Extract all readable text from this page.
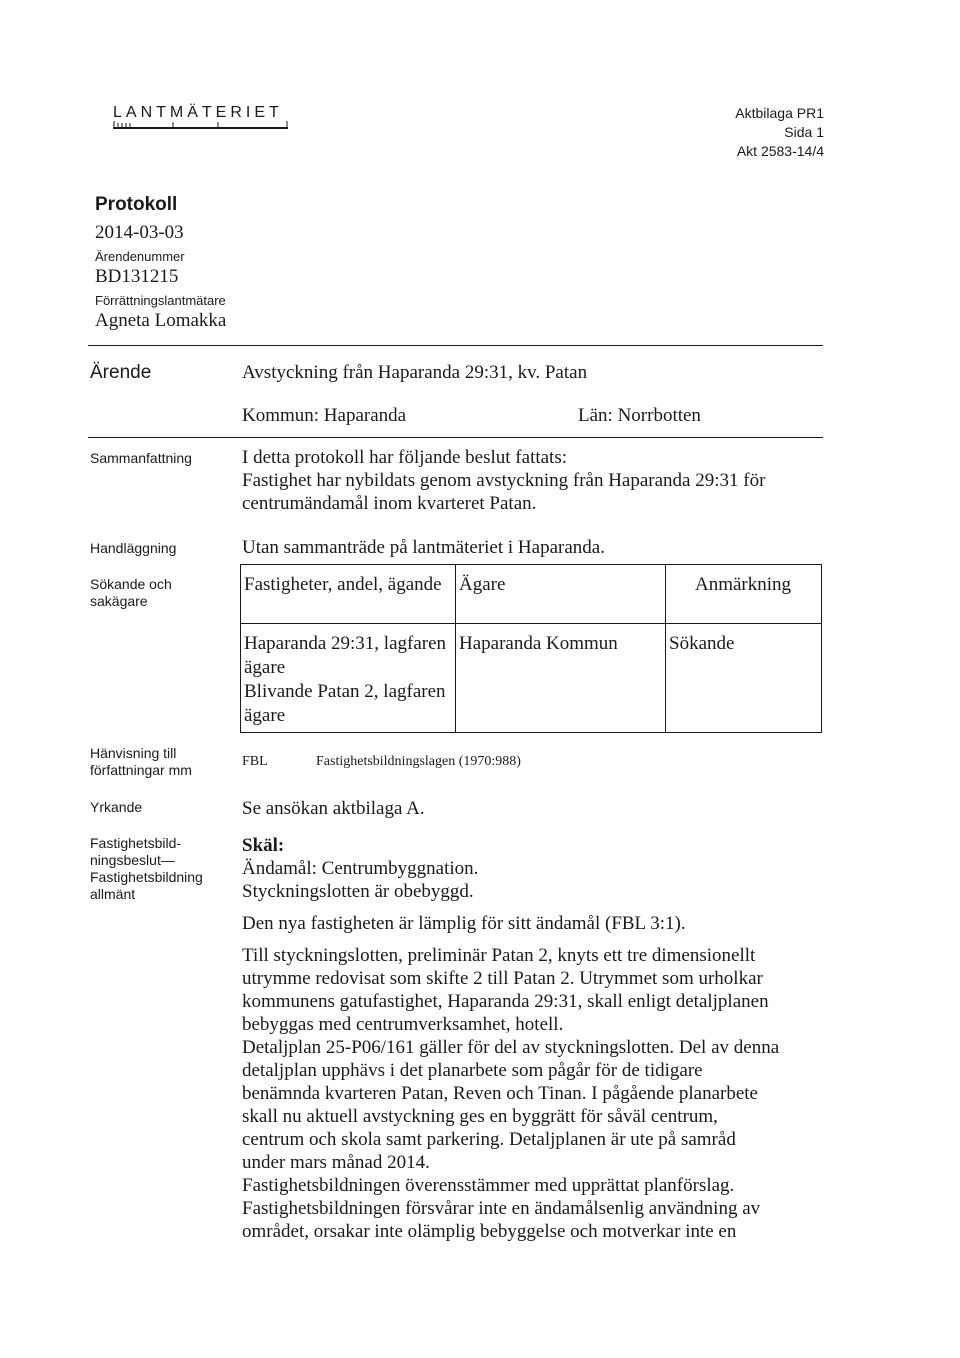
LANTMÄTERIET	Aktbilaga PR1
Sida 1
Akt 2583-14/4
Protokoll
2014-03-03
Ärendenummer
BD131215
Förrättningslantmätare
Agneta Lomakka
Ärende	Avstyckning från Haparanda 29:31, kv. Patan
Kommun: Haparanda	Län: Norrbotten
Sammanfattning	I detta protokoll har följande beslut fattats:
Fastighet har nybildats genom avstyckning från Haparanda 29:31 för
centrumändamål inom kvarteret Patan.
Handläggning	Utan sammanträde på lantmäteriet i Haparanda.
Sökande och
sakägare
Fastigheter, andel, ägande	Ägare	Anmärkning

Haparanda 29:31, lagfaren ägare
Blivande Patan 2, lagfaren ägare	Haparanda Kommun	Sökande
Hänvisning till
författningar mm
FBL	Fastighetsbildningslagen (1970:988)
Yrkande	Se ansökan aktbilaga A.
Fastighetsbild-
ningsbeslut—
Fastighetsbildning
allmänt
Skäl:
Ändamål: Centrumbyggnation.
Styckningslotten är obebyggd.
Den nya fastigheten är lämplig för sitt ändamål (FBL 3:1).
Till styckningslotten, preliminär Patan 2, knyts ett tre dimensionellt
utrymme redovisat som skifte 2 till Patan 2. Utrymmet som urholkar
kommunens gatufastighet, Haparanda 29:31, skall enligt detaljplanen
bebyggas med centrumverksamhet, hotell.
Detaljplan 25-P06/161 gäller för del av styckningslotten. Del av denna
detaljplan upphävs i det planarbete som pågår för de tidigare
benämnda kvarteren Patan, Reven och Tinan. I pågående planarbete
skall nu aktuell avstyckning ges en byggrätt för såväl centrum,
centrum och skola samt parkering. Detaljplanen är ute på samråd
under mars månad 2014.
Fastighetsbildningen överensstämmer med upprättat planförslag.
Fastighetsbildningen försvårar inte en ändamålsenlig användning av
området, orsakar inte olämplig bebyggelse och motverkar inte en
